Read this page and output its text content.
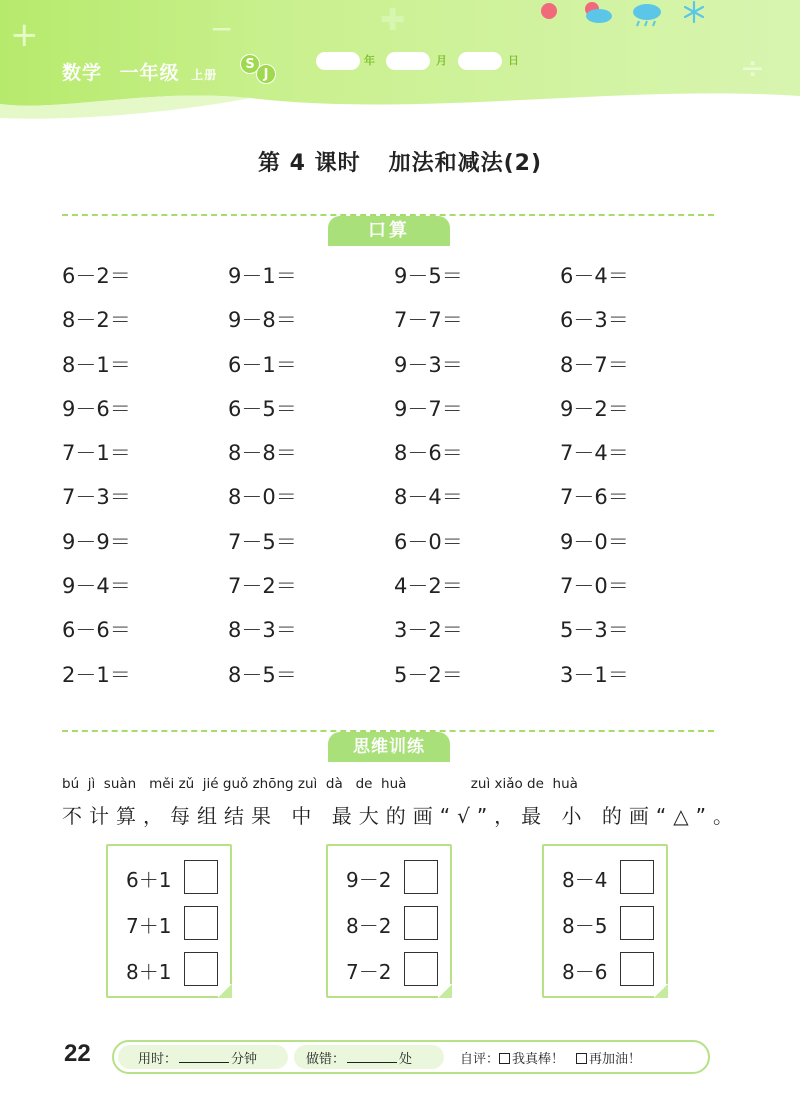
+	✚
−
÷
数学 一年级 上册
S
J
年	月	日
第 4 课时 加法和减法(2)
口算
6－2＝	9－1＝	9－5＝	6－4＝
8－2＝	9－8＝	7－7＝	6－3＝
8－1＝	6－1＝	9－3＝	8－7＝
9－6＝	6－5＝	9－7＝	9－2＝
7－1＝	8－8＝	8－6＝	7－4＝
7－3＝	8－0＝	8－4＝	7－6＝
9－9＝	7－5＝	6－0＝	9－0＝
9－4＝	7－2＝	4－2＝	7－0＝
6－6＝	8－3＝	3－2＝	5－3＝
2－1＝	8－5＝	5－2＝	3－1＝
思维训练
bú  jì  suàn   měi zǔ  jié guǒ zhōng zuì  dà   de  huà               zuì xiǎo de  huà
不计算，每组结果 中 最大的画“√”，最 小 的画“△”。
6＋1
7＋1
8＋1
9－2
8－2
7－2
8－4
8－5
8－6
22	用时：	分钟	做错：	处	自评： 我真棒！ 再加油！
